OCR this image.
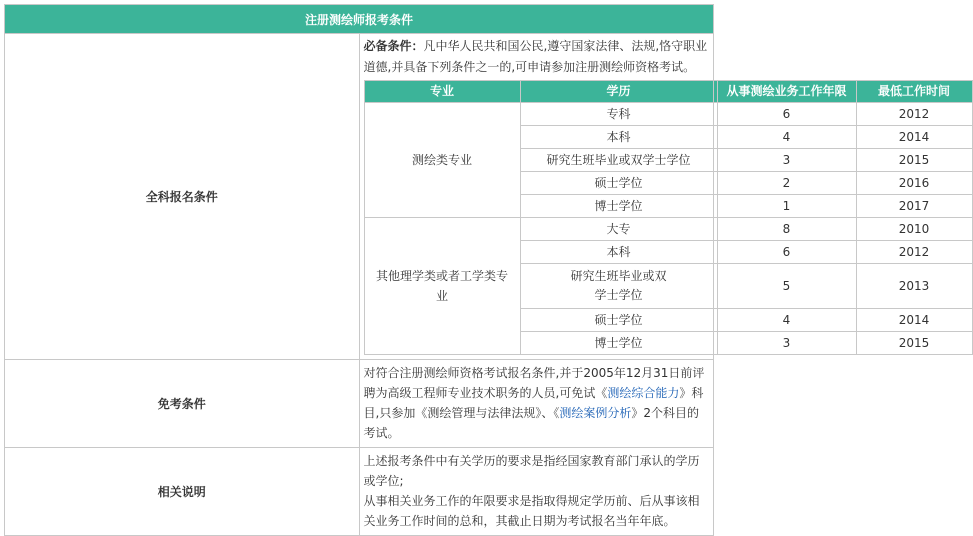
注册测绘师报考条件
全科报名条件	
必备条件：凡中华人民共和国公民,遵守国家法律、法规,恪守职业道德,并具备下列条件之一的,可申请参加注册测绘师资格考试。
专业	学历	从事测绘业务工作年限	最低工作时间
测绘类专业	专科	6	2012
本科	4	2014
研究生班毕业或双学士学位	3	2015
硕士学位	2	2016
博士学位	1	2017
其他理学类或者工学类专业	大专	8	2010
本科	6	2012
研究生班毕业或双学士学位	5	2013
硕士学位	4	2014
博士学位	3	2015

免考条件	对符合注册测绘师资格考试报名条件,并于2005年12月31日前评聘为高级工程师专业技术职务的人员,可免试《测绘综合能力》科目,只参加《测绘管理与法律法规》、《测绘案例分析》2个科目的考试。
相关说明	
上述报考条件中有关学历的要求是指经国家教育部门承认的学历或学位;
从事相关业务工作的年限要求是指取得规定学历前、后从事该相关业务工作时间的总和，其截止日期为考试报名当年年底。
